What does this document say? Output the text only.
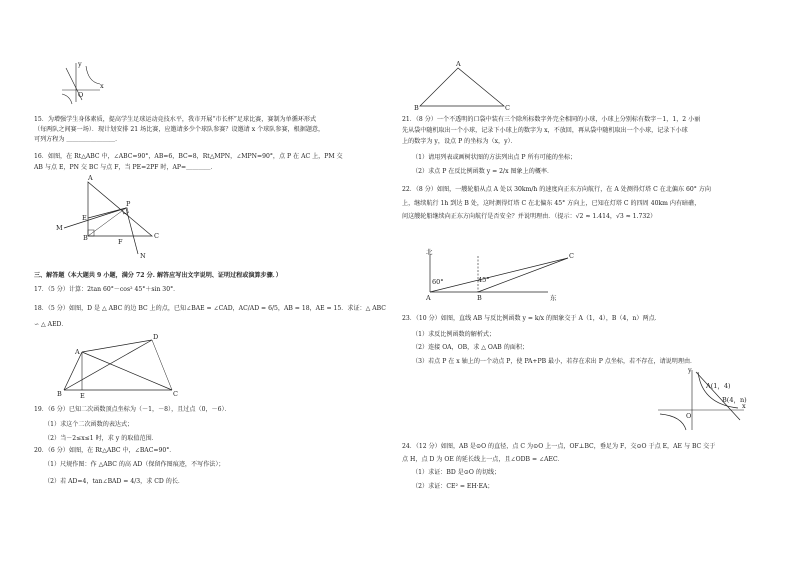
y
x
O
15．为增强学生身体素质，提高学生足球运动竞技水平，我市开展“市长杯”足球比赛，赛制为单循环形式
（每两队之间赛一场）．现计划安排 21 场比赛，应邀请多少个球队参赛？设邀请 x 个球队参赛，根据题意，
可列方程为 ＿＿＿＿＿＿＿＿．
16．如图，在 Rt△ABC 中，∠ABC=90°，AB=6，BC=8，Rt△MPN，∠MPN=90°，点 P 在 AC 上，PM 交
AB 与点 E，PN 交 BC 与点 F，当 PE=2PF 时，AP=＿＿＿＿．
A
E
P
M
B	F
C
N
三、解答题（本大题共 9 小题，满分 72 分. 解答应写出文字说明、证明过程或演算步骤．）
17．（5 分）计算：2tan 60°－cos² 45°＋sin 30°．
18．（5 分）如图，D 是 △ ABC 的边 BC 上的点，已知∠BAE = ∠CAD，AC/AD = 6/5，AB = 18，AE = 15．求证：△ ABC
∽ △ AED．
A
D
B	E	C
19．（6 分）已知二次函数顶点坐标为（－1，－8），且过点（0，－6）．
（1）求这个二次函数的表达式；
（2）当－2≤x≤1 时，求 y 的取值范围．
20．（6 分）如图，在 Rt△ABC 中，∠BAC=90°．
（1）尺规作图：作 △ABC 的高 AD（保留作图痕迹，不写作法）；
（2）若 AD=4，tan∠BAD = 4/3，求 CD 的长．
A
B	C
21．（8 分）一个不透明的口袋中装有三个除所标数字外完全相同的小球，小球上分别标有数字－1，1，2 小丽
先从袋中随机取出一个小球，记录下小球上的数字为 x，不放回，再从袋中随机取出一个小球，记录下小球
上的数字为 y，设点 P 的坐标为（x，y）．
（1）请用列表或画树状图的方法列出点 P 所有可能的坐标；
（2）求点 P 在反比例函数 y = 2/x 图象上的概率．
22．（8 分）如图，一艘轮船从点 A 处以 30km/h 的速度向正东方向航行，在 A 处测得灯塔 C 在北偏东 60° 方向
上，继续航行 1h 到达 B 处，这时测得灯塔 C 在北偏东 45° 方向上，已知在灯塔 C 的四周 40km 内有暗礁，
问这艘轮船继续向正东方向航行是否安全？并说明理由．（提示：√2 ≈ 1.414，√3 ≈ 1.732）
北
60°	45°
A	B	东
C
23．（10 分）如图，直线 AB 与反比例函数 y = k/x 的图象交于 A（1，4），B（4，n）两点．
（1）求反比例函数的解析式；
（2）连接 OA，OB，求 △ OAB 的面积；
（3）若点 P 在 x 轴上的一个动点 P，使 PA+PB 最小，若存在求出 P 点坐标，若不存在，请说明理由．
y
A(1，4)
B(4，n)
O
x
24．（12 分）如图，AB 是⊙O 的直径，点 C 为⊙O 上一点，OF⊥BC，垂足为 F，交⊙O 于点 E，AE 与 BC 交于
点 H，点 D 为 OE 的延长线上一点，且∠ODB = ∠AEC．
（1）求证：BD 是⊙O 的切线；
（2）求证：CE² = EH·EA；
